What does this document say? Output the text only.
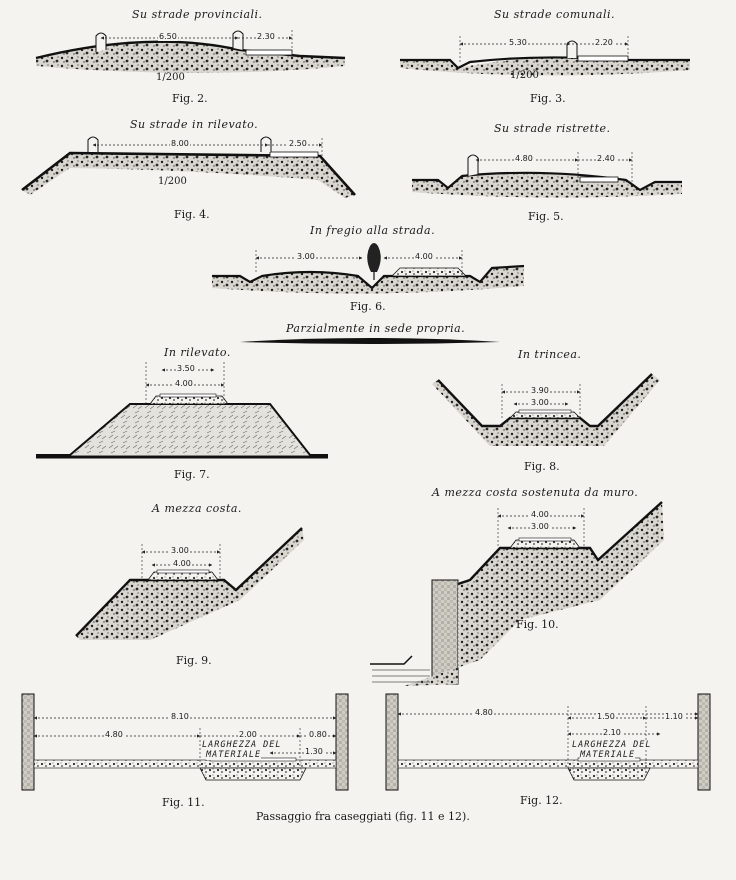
Su strade provinciali.	Su strade comunali.
Su strade in rilevato.	Su strade ristrette.
In fregio alla strada.
Parzialmente in sede propria.
In rilevato.	In trincea.
A mezza costa.
A mezza costa sostenuta da muro.
Fig. 2.	Fig. 3.
Fig. 4.	Fig. 5.
Fig. 6.
Fig. 7.
Fig. 8.
Fig. 9.
Fig. 10.
Fig. 11.	Fig. 12.
1/200	1/200
1/200
6.50	2.30
5.30	2.20
8.00	2.50
4.80	2.40
3.00	4.00
3.50
4.00
3.90
3.00
3.00
4.00
4.00
3.00
8.10
4.80	2.00	0.80
1.30
4.80	1.50	1.10
2.10
LARGHEZZA DEL
MATERIALE
LARGHEZZA DEL
MATERIALE
Passaggio fra caseggiati (fig. 11 e 12).
